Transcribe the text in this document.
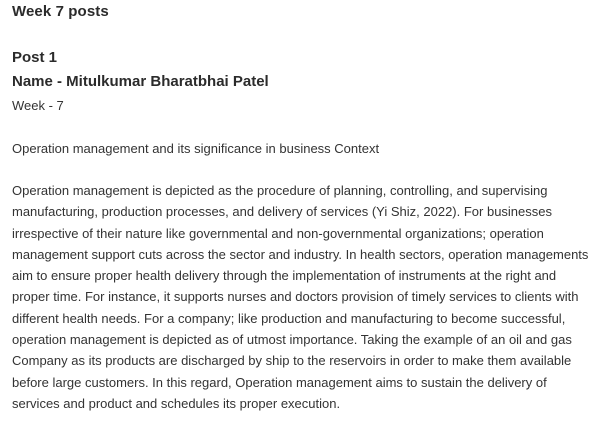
Week 7 posts
Post 1
Name - Mitulkumar Bharatbhai Patel

Week - 7

Operation management and its significance in business Context

Operation management is depicted as the procedure of planning, controlling, and supervising manufacturing, production processes, and delivery of services (Yi Shiz, 2022). For businesses irrespective of their nature like governmental and non-governmental organizations; operation management support cuts across the sector and industry. In health sectors, operation managements aim to ensure proper health delivery through the implementation of instruments at the right and proper time. For instance, it supports nurses and doctors provision of timely services to clients with different health needs. For a company; like production and manufacturing to become successful, operation management is depicted as of utmost importance. Taking the example of an oil and gas Company as its products are discharged by ship to the reservoirs in order to make them available before large customers. In this regard, Operation management aims to sustain the delivery of services and product and schedules its proper execution.
